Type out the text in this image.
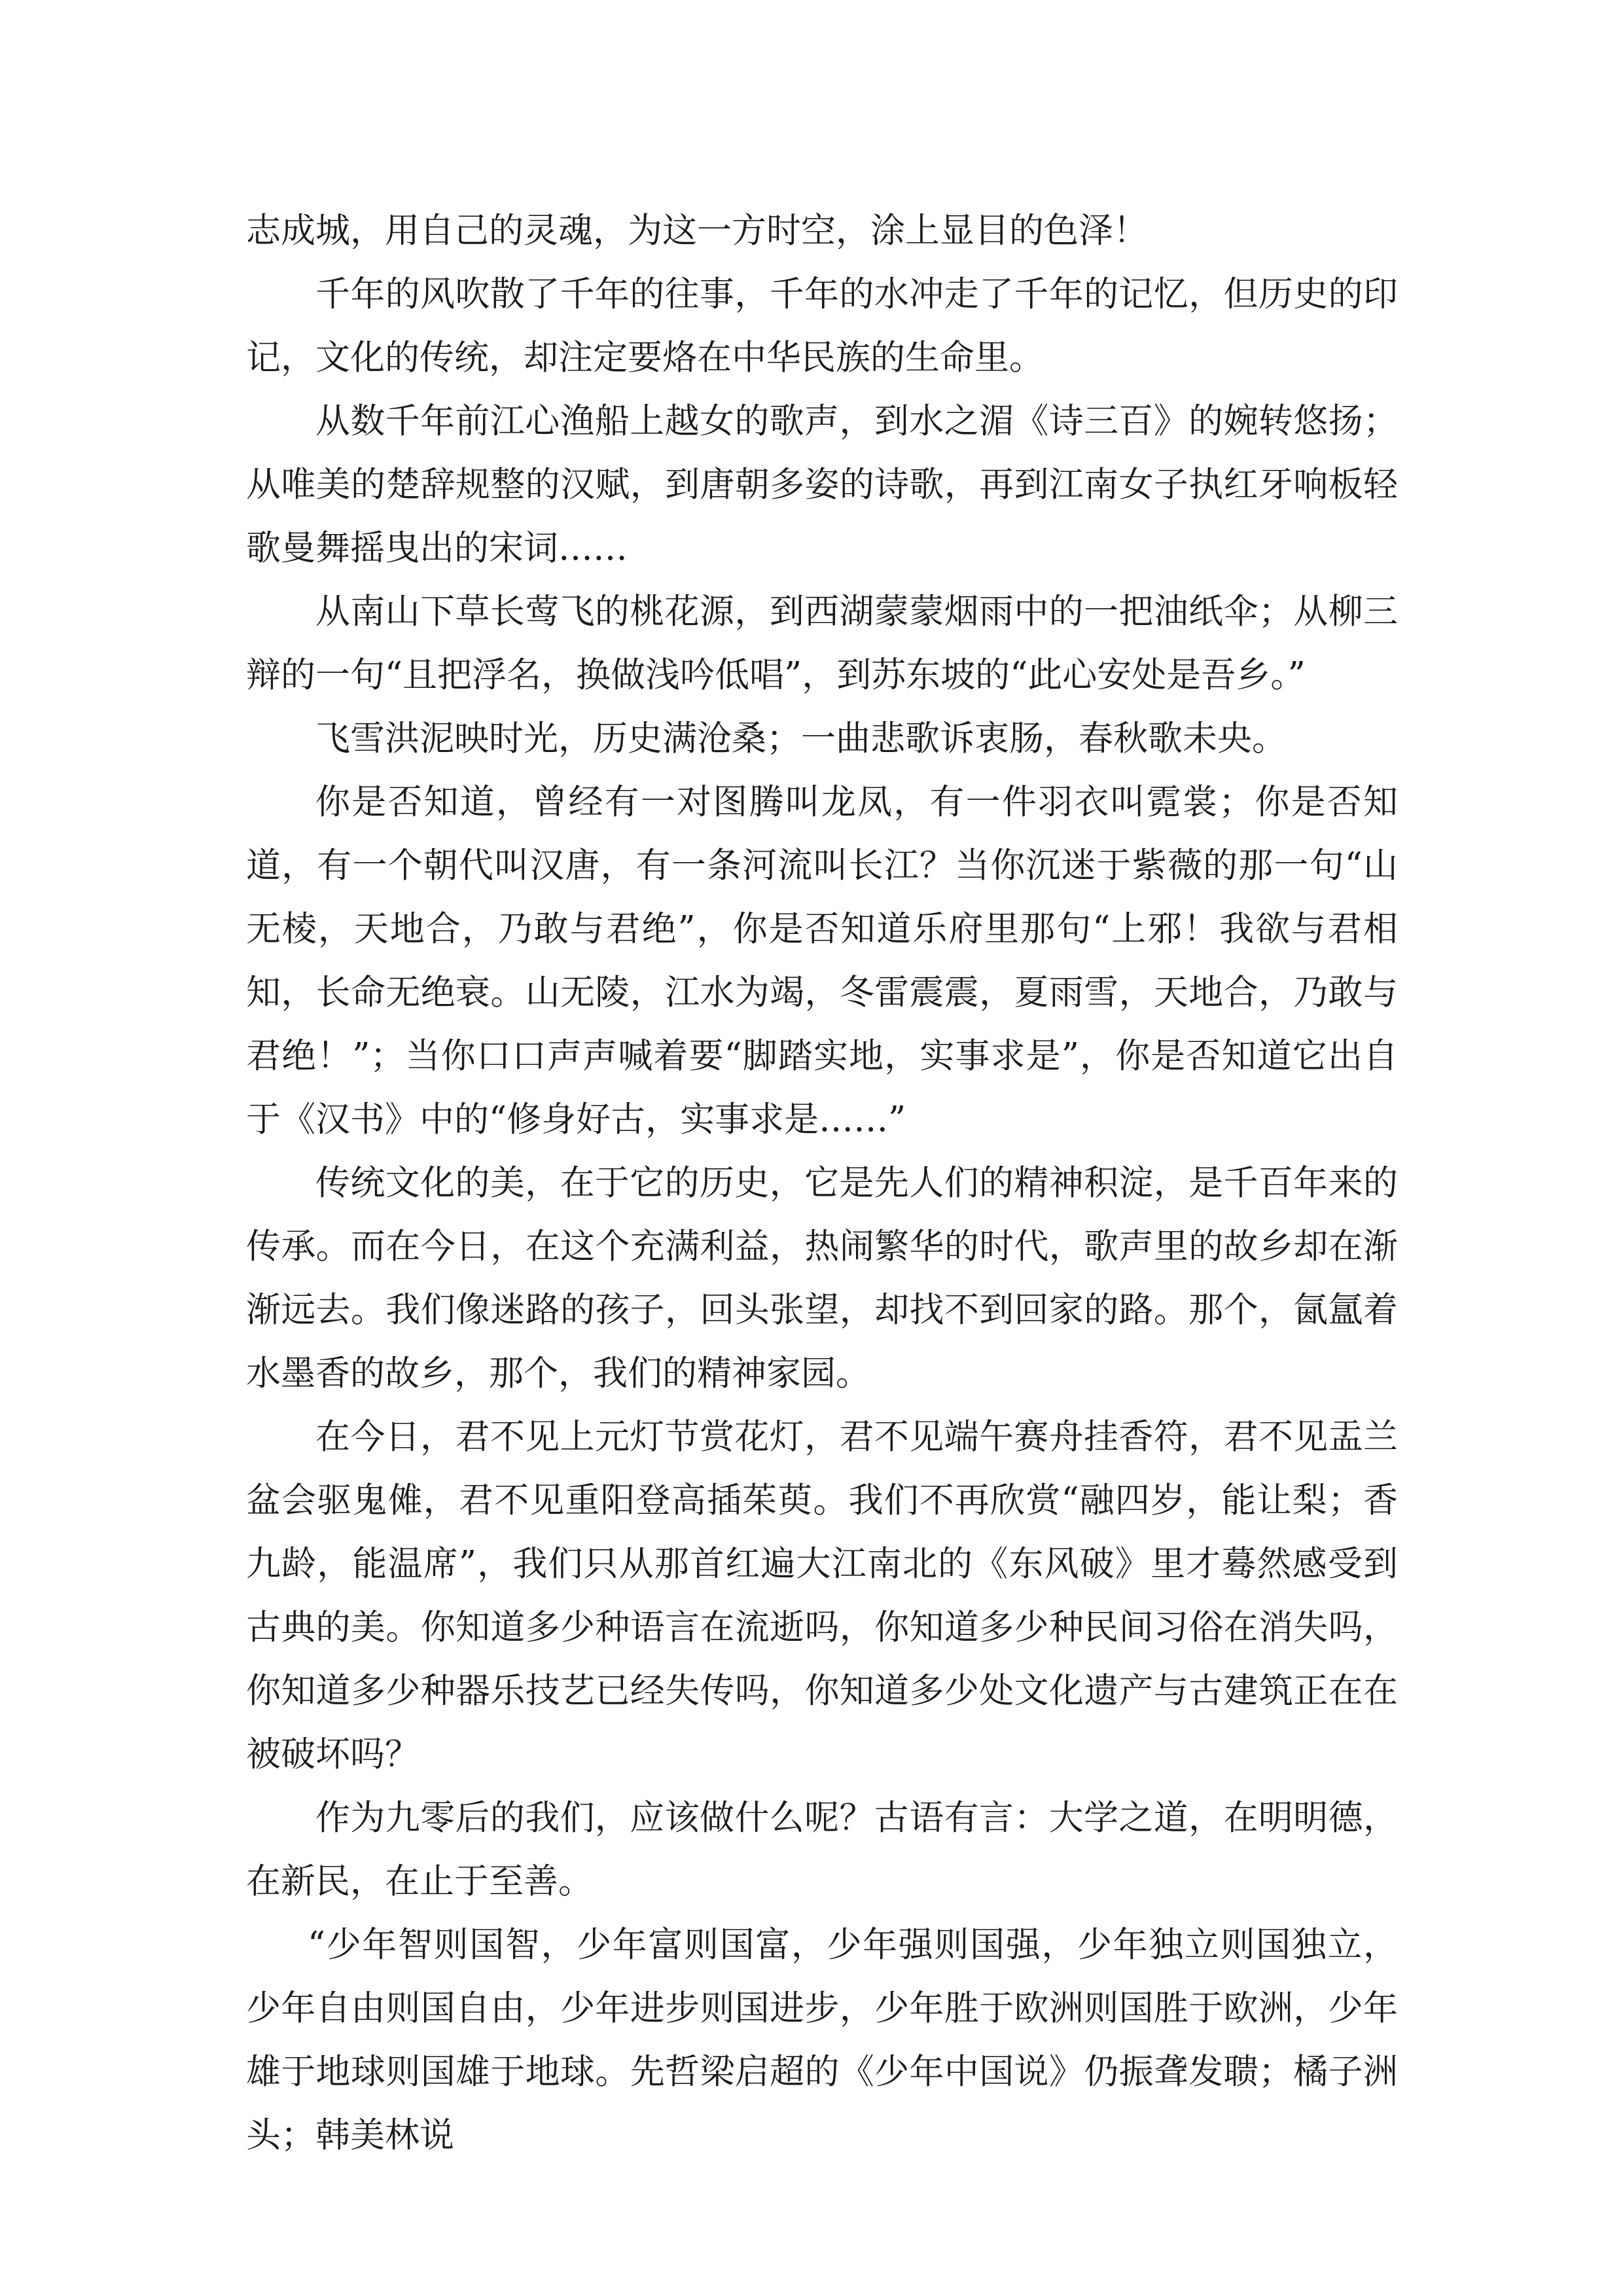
志成城，用自己的灵魂，为这一方时空，涂上显目的色泽！

千年的风吹散了千年的往事，千年的水冲走了千年的记忆，但历史的印记，文化的传统，却注定要烙在中华民族的生命里。

从数千年前江心渔船上越女的歌声，到水之湄《诗三百》的婉转悠扬；从唯美的楚辞规整的汉赋，到唐朝多姿的诗歌，再到江南女子执红牙响板轻歌曼舞摇曳出的宋词……

从南山下草长莺飞的桃花源，到西湖蒙蒙烟雨中的一把油纸伞；从柳三辩的一句“且把浮名，换做浅吟低唱”，到苏东坡的“此心安处是吾乡。”

飞雪洪泥映时光，历史满沧桑；一曲悲歌诉衷肠，春秋歌未央。

你是否知道，曾经有一对图腾叫龙凤，有一件羽衣叫霓裳；你是否知道，有一个朝代叫汉唐，有一条河流叫长江？当你沉迷于紫薇的那一句“山无棱，天地合，乃敢与君绝”，你是否知道乐府里那句“上邪！我欲与君相知，长命无绝衰。山无陵，江水为竭，冬雷震震，夏雨雪，天地合，乃敢与君绝！”；当你口口声声喊着要“脚踏实地，实事求是”，你是否知道它出自于《汉书》中的“修身好古，实事求是……”

传统文化的美，在于它的历史，它是先人们的精神积淀，是千百年来的传承。而在今日，在这个充满利益，热闹繁华的时代，歌声里的故乡却在渐渐远去。我们像迷路的孩子，回头张望，却找不到回家的路。那个，氤氲着水墨香的故乡，那个，我们的精神家园。

在今日，君不见上元灯节赏花灯，君不见端午赛舟挂香符，君不见盂兰盆会驱鬼傩，君不见重阳登高插茱萸。我们不再欣赏“融四岁，能让梨；香九龄，能温席”，我们只从那首红遍大江南北的《东风破》里才蓦然感受到古典的美。你知道多少种语言在流逝吗，你知道多少种民间习俗在消失吗，你知道多少种器乐技艺已经失传吗，你知道多少处文化遗产与古建筑正在在被破坏吗？

作为九零后的我们，应该做什么呢？古语有言：大学之道，在明明德，在新民，在止于至善。

“少年智则国智，少年富则国富，少年强则国强，少年独立则国独立，少年自由则国自由，少年进步则国进步，少年胜于欧洲则国胜于欧洲，少年雄于地球则国雄于地球。先哲梁启超的《少年中国说》仍振聋发聩；橘子洲头；韩美林说
